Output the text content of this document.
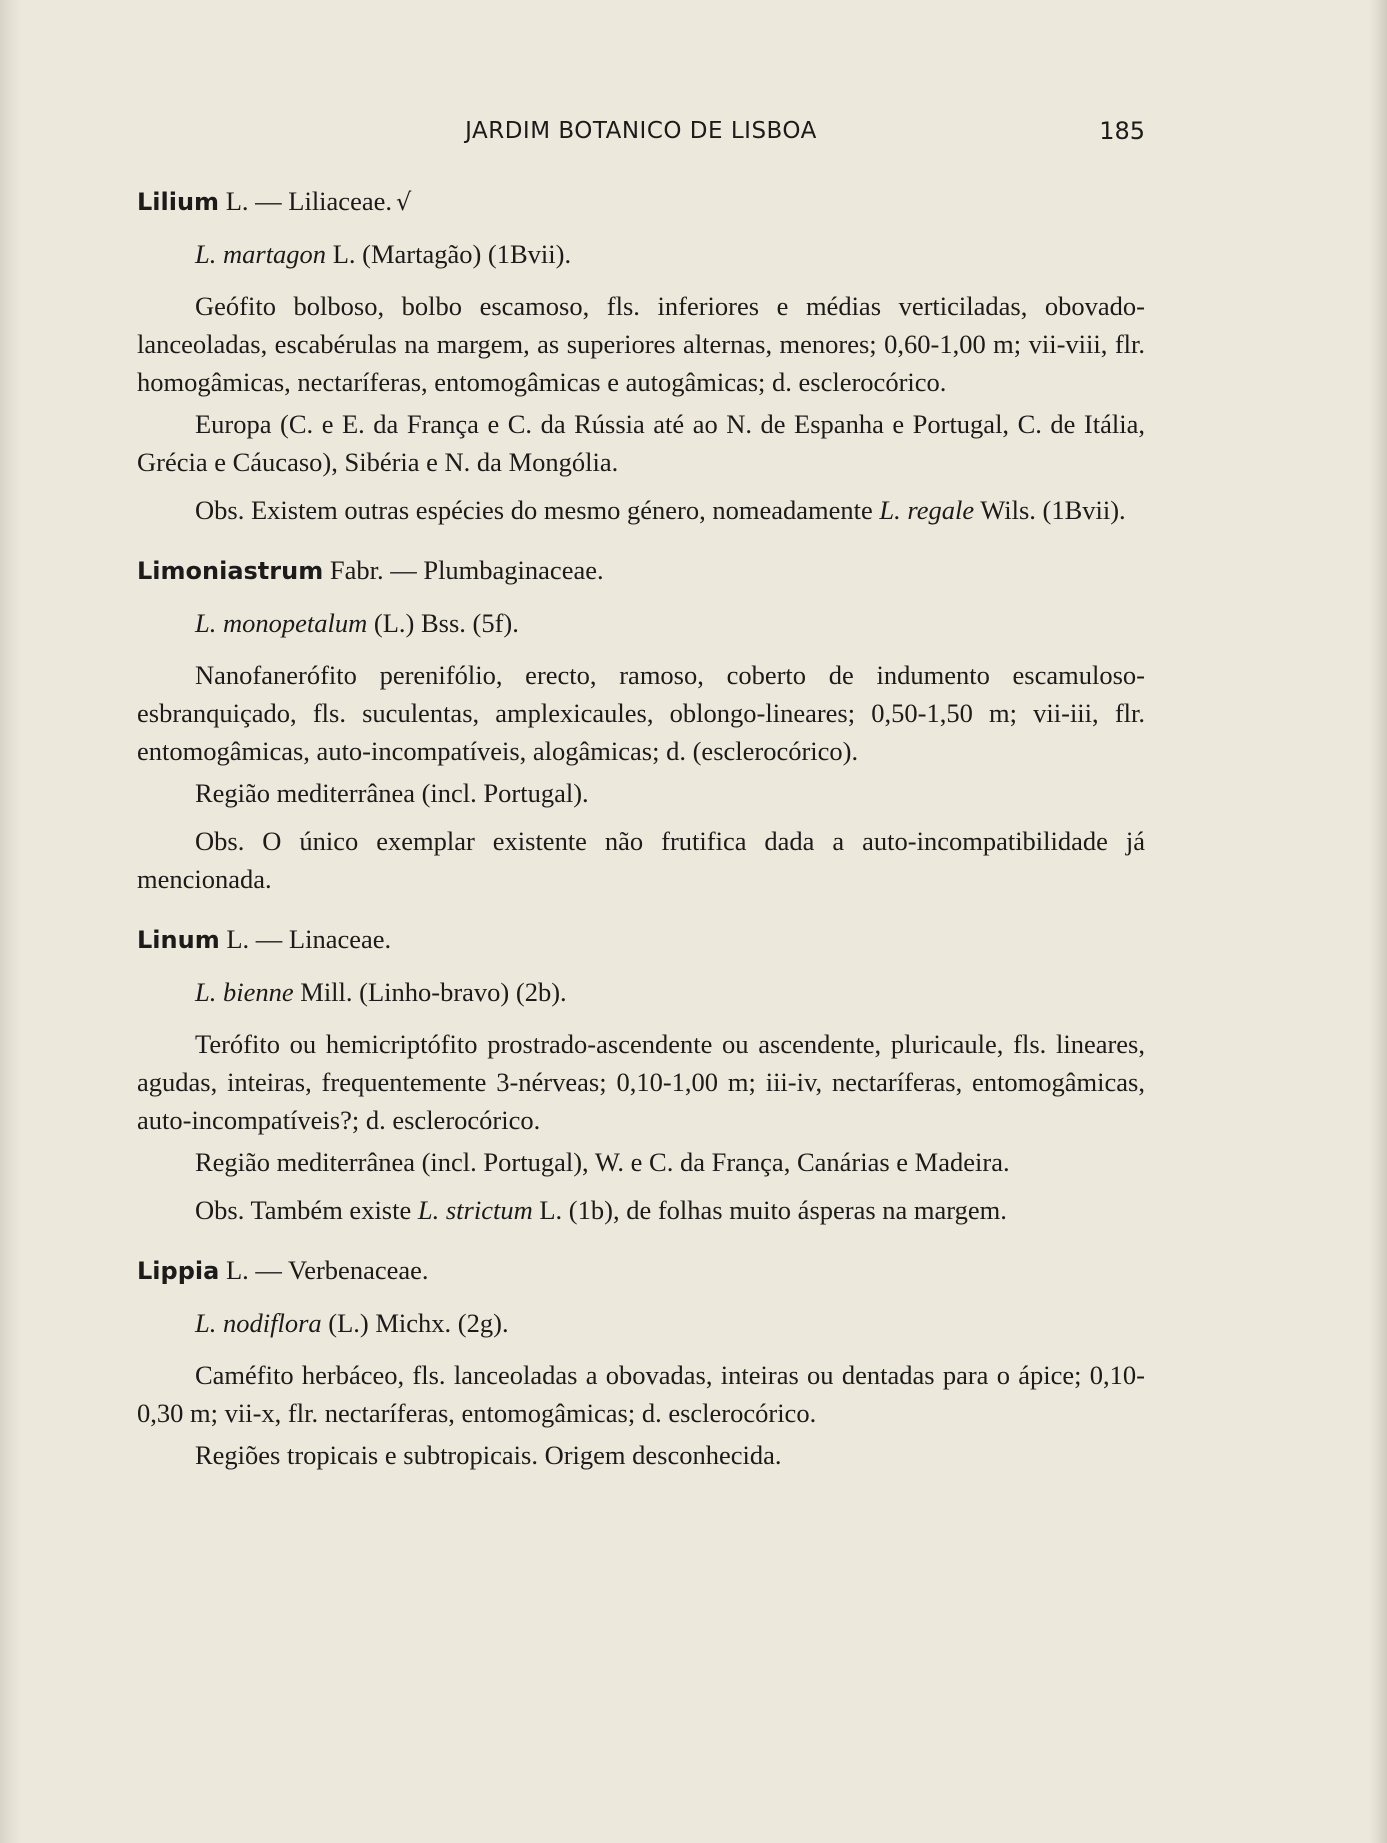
JARDIM BOTANICO DE LISBOA	185
Lilium L. — Liliaceae. √
L. martagon L. (Martagão) (1Bvii).

Geófito bolboso, bolbo escamoso, fls. inferiores e médias verticiladas, obovado-lanceoladas, escabérulas na margem, as superiores alternas, menores; 0,60-1,00 m; vii-viii, flr. homogâmicas, nectaríferas, entomogâmicas e autogâmicas; d. esclerocórico.

Europa (C. e E. da França e C. da Rússia até ao N. de Espanha e Portugal, C. de Itália, Grécia e Cáucaso), Sibéria e N. da Mongólia.

Obs. Existem outras espécies do mesmo género, nomeadamente L. regale Wils. (1Bvii).

Limoniastrum Fabr. — Plumbaginaceae.
L. monopetalum (L.) Bss. (5f).

Nanofanerófito perenifólio, erecto, ramoso, coberto de indumento escamuloso-esbranquiçado, fls. suculentas, amplexicaules, oblongo-lineares; 0,50-1,50 m; vii-iii, flr. entomogâmicas, auto-incompatíveis, alogâmicas; d. (esclerocórico).

Região mediterrânea (incl. Portugal).

Obs. O único exemplar existente não frutifica dada a auto-incompatibilidade já mencionada.

Linum L. — Linaceae.
L. bienne Mill. (Linho-bravo) (2b).

Terófito ou hemicriptófito prostrado-ascendente ou ascendente, pluricaule, fls. lineares, agudas, inteiras, frequentemente 3-nérveas; 0,10-1,00 m; iii-iv, nectaríferas, entomogâmicas, auto-incompatíveis?; d. esclerocórico.

Região mediterrânea (incl. Portugal), W. e C. da França, Canárias e Madeira.

Obs. Também existe L. strictum L. (1b), de folhas muito ásperas na margem.

Lippia L. — Verbenaceae.
L. nodiflora (L.) Michx. (2g).

Caméfito herbáceo, fls. lanceoladas a obovadas, inteiras ou dentadas para o ápice; 0,10-0,30 m; vii-x, flr. nectaríferas, entomogâmicas; d. esclerocórico.

Regiões tropicais e subtropicais. Origem desconhecida.
